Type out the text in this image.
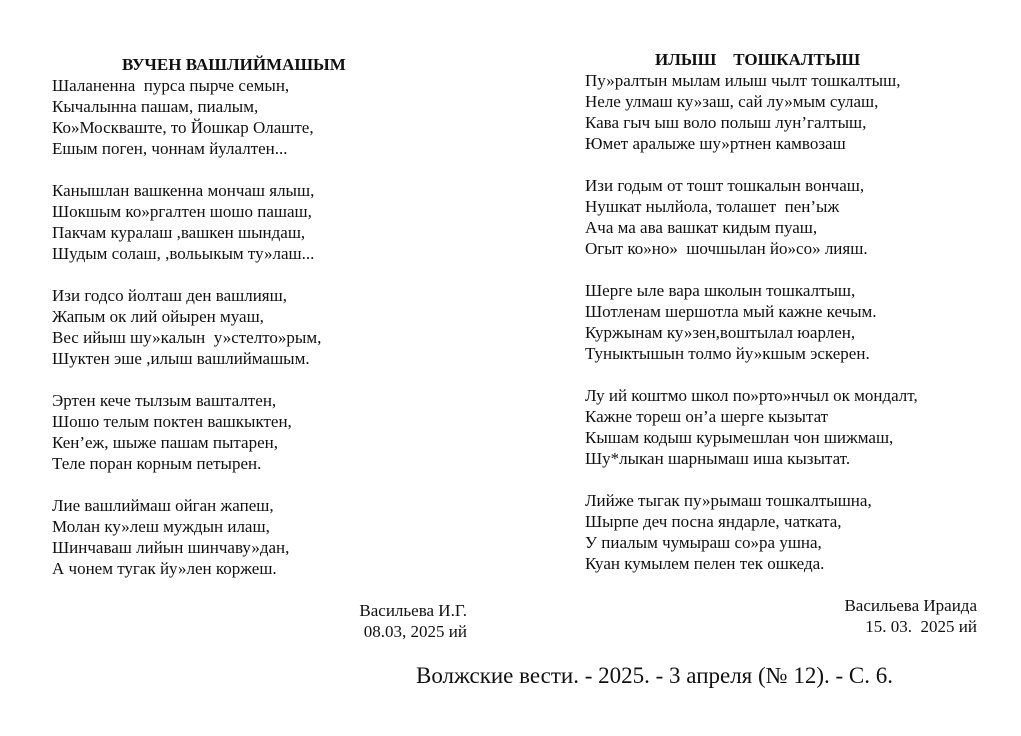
ВУЧЕН ВАШЛИЙМАШЫМ
Шаланенна  пурса пырче семын,
Кычалынна пашам, пиалым,
Ко»Москваште, то Йошкар Олаште,
Ешым поген, чоннам йулалтен...
Канышлан вашкенна мончаш ялыш,
Шокшым ко»ргалтен шошо пашаш,
Пакчам куралаш ,вашкен шындаш,
Шудым солаш, ,вольыкым ту»лаш...
Изи годсо йолташ ден вашлияш,
Жапым ок лий ойырен муаш,
Вес ийыш шу»калын  у»стелто»рым,
Шуктен эше ,илыш вашлиймашым.
Эртен кече тылзым вашталтен,
Шошо телым поктен вашкыктен,
Кен’еж, шыже пашам пытарен,
Теле поран корным петырен.
Лие вашлиймаш ойган жапеш,
Молан ку»леш муждын илаш,
Шинчаваш лийын шинчаву»дан,
А чонем тугак йу»лен коржеш.
Васильева И.Г.
08.03, 2025 ий
ИЛЫШ    ТОШКАЛТЫШ
Пу»ралтын мылам илыш чылт тошкалтыш,
Неле улмаш ку»заш, сай лу»мым сулаш,
Кава гыч ыш воло полыш лун’галтыш,
Юмет аралыже шу»ртнен камвозаш
Изи годым от тошт тошкалын вончаш,
Нушкат нылйола, толашет  пен’ыж
Ача ма ава вашкат кидым пуаш,
Огыт ко»но»  шочшылан йо»со» лияш.
Шерге ыле вара школын тошкалтыш,
Шотленам шершотла мый кажне кечым.
Куржынам ку»зен,воштылал юарлен,
Туныктышын толмо йу»кшым эскерен.
Лу ий коштмо школ по»рто»нчыл ок мондалт,
Кажне тореш он’а шерге кызытат
Кышам кодыш курымешлан чон шижмаш,
Шу*лыкан шарнымаш иша кызытат.
Лийже тыгак пу»рымаш тошкалтышна,
Шырпе деч посна яндарле, чатката,
У пиалым чумыраш со»ра ушна,
Куан кумылем пелен тек ошкеда.
Васильева Ираида
15. 03.  2025 ий
Волжские вести. - 2025. - 3 апреля (№ 12). - С. 6.
